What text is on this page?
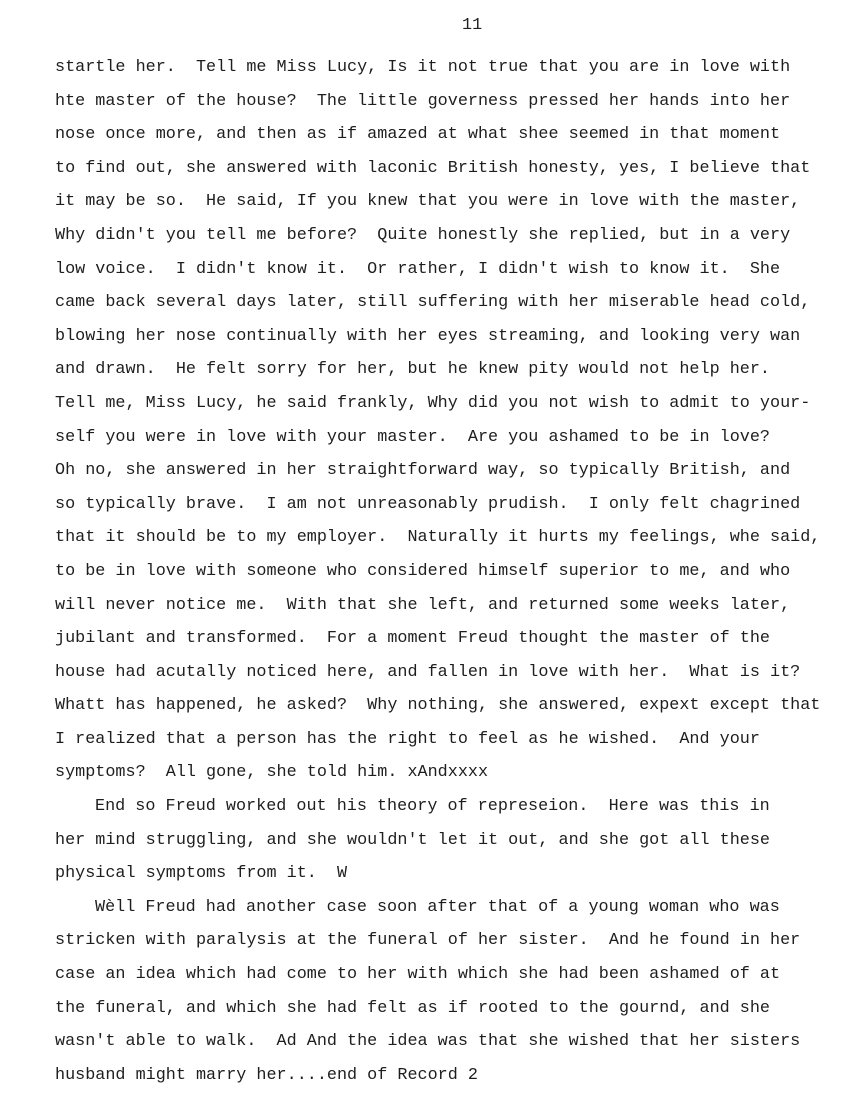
11
startle her.  Tell me Miss Lucy, Is it not true that you are in love with
hte master of the house?  The little governess pressed her hands into her
nose once more, and then as if amazed at what shee seemed in that moment
to find out, she answered with laconic British honesty, yes, I believe that
it may be so.  He said, If you knew that you were in love with the master,
Why didn't you tell me before?  Quite honestly she replied, but in a very
low voice.  I didn't know it.  Or rather, I didn't wish to know it.  She
came back several days later, still suffering with her miserable head cold,
blowing her nose continually with her eyes streaming, and looking very wan
and drawn.  He felt sorry for her, but he knew pity would not help her.
Tell me, Miss Lucy, he said frankly, Why did you not wish to admit to your-
self you were in love with your master.  Are you ashamed to be in love?
Oh no, she answered in her straightforward way, so typically British, and
so typically brave.  I am not unreasonably prudish.  I only felt chagrined
that it should be to my employer.  Naturally it hurts my feelings, whe said,
to be in love with someone who considered himself superior to me, and who
will never notice me.  With that she left, and returned some weeks later,
jubilant and transformed.  For a moment Freud thought the master of the
house had acutally noticed here, and fallen in love with her.  What is it?
Whatt has happened, he asked?  Why nothing, she answered, expext except that
I realized that a person has the right to feel as he wished.  And your
symptoms?  All gone, she told him. xAndxxxx
End so Freud worked out his theory of represeion.  Here was this in
her mind struggling, and she wouldn't let it out, and she got all these
physical symptoms from it.  W
Wèll Freud had another case soon after that of a young woman who was
stricken with paralysis at the funeral of her sister.  And he found in her
case an idea which had come to her with which she had been ashamed of at
the funeral, and which she had felt as if rooted to the gournd, and she
wasn't able to walk.  Ad And the idea was that she wished that her sisters
husband might marry her....end of Record 2
